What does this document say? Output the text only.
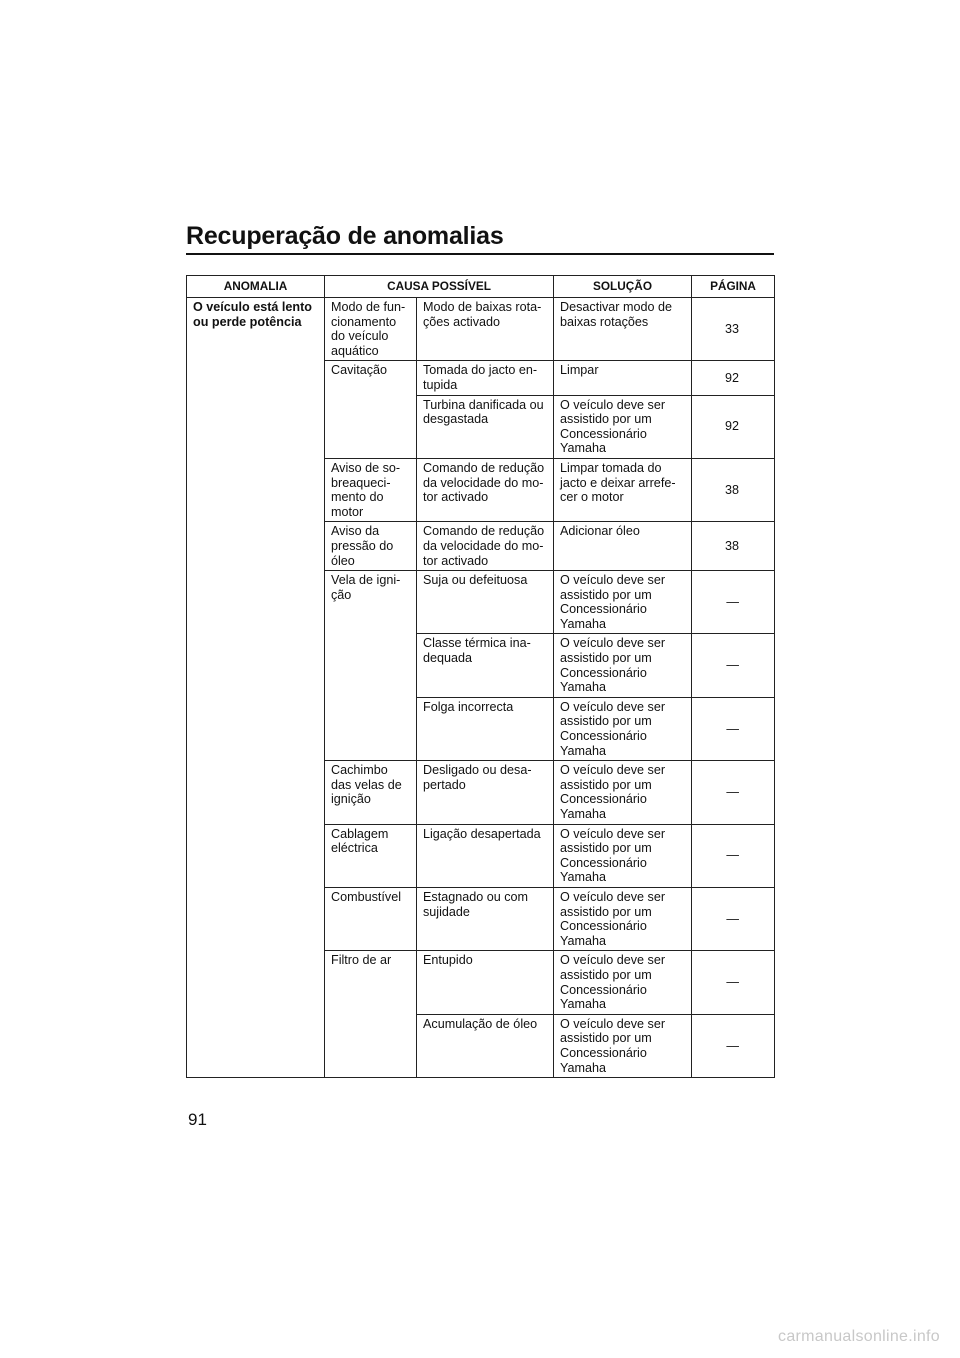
Recuperação de anomalias
ANOMALIA	CAUSA POSSÍVEL		SOLUÇÃO	PÁGINA
O veículo está lento
ou perde potência	Modo de fun-
cionamento
do veículo
aquático	Modo de baixas rota-
ções activado	Desactivar modo de
baixas rotações	33
	Cavitação	Tomada do jacto en-
tupida	Limpar	92
		Turbina danificada ou
desgastada	O veículo deve ser
assistido por um
Concessionário
Yamaha	92
	Aviso de so-
breaqueci-
mento do
motor	Comando de redução
da velocidade do mo-
tor activado	Limpar tomada do
jacto e deixar arrefe-
cer o motor	38
	Aviso da
pressão do
óleo	Comando de redução
da velocidade do mo-
tor activado	Adicionar óleo	38
	Vela de igni-
ção	Suja ou defeituosa	O veículo deve ser
assistido por um
Concessionário
Yamaha	—
		Classe térmica ina-
dequada	O veículo deve ser
assistido por um
Concessionário
Yamaha	—
		Folga incorrecta	O veículo deve ser
assistido por um
Concessionário
Yamaha	—
	Cachimbo
das velas de
ignição	Desligado ou desa-
pertado	O veículo deve ser
assistido por um
Concessionário
Yamaha	—
	Cablagem
eléctrica	Ligação desapertada	O veículo deve ser
assistido por um
Concessionário
Yamaha	—
	Combustível	Estagnado ou com
sujidade	O veículo deve ser
assistido por um
Concessionário
Yamaha	—
	Filtro de ar	Entupido	O veículo deve ser
assistido por um
Concessionário
Yamaha	—
		Acumulação de óleo	O veículo deve ser
assistido por um
Concessionário
Yamaha	—
91
carmanualsonline.info
